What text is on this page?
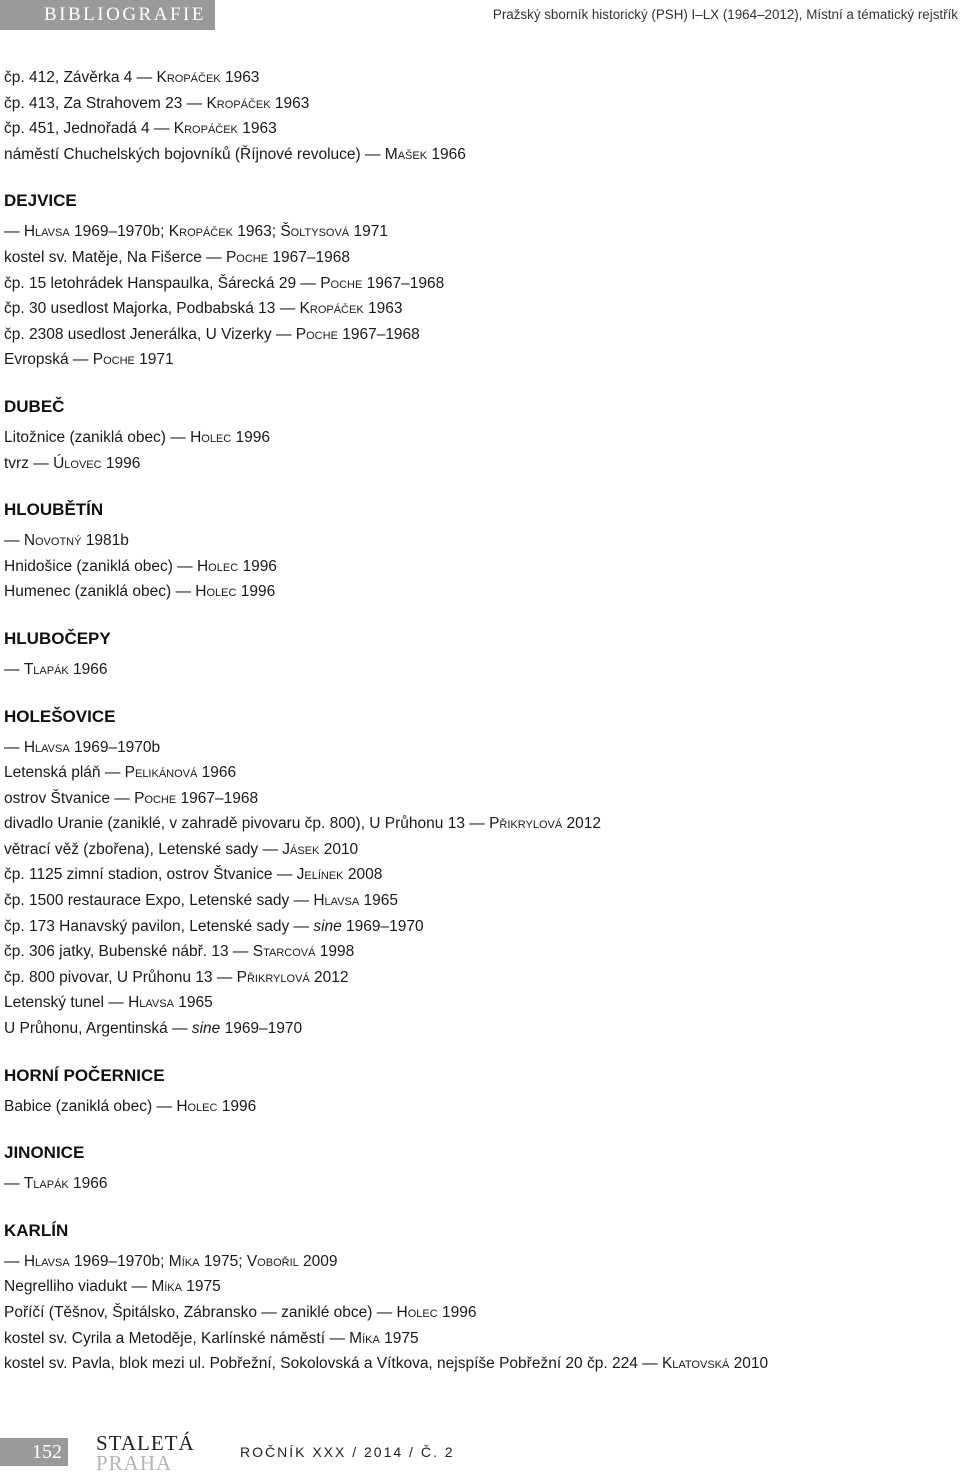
BIBLIOGRAFIE	Pražský sborník historický (PSH) I–LX (1964–2012), Místní a tématický rejstřík
čp. 412, Závěrka 4 — Kropáček 1963
čp. 413, Za Strahovem 23 — Kropáček 1963
čp. 451, Jednořadá 4 — Kropáček 1963
náměstí Chuchelských bojovníků (Říjnové revoluce) — Mašek 1966
DEJVICE
— Hlavsa 1969–1970b; Kropáček 1963; Šoltysová 1971
kostel sv. Matěje, Na Fišerce — Poche 1967–1968
čp. 15 letohrádek Hanspaulka, Šárecká 29 — Poche 1967–1968
čp. 30 usedlost Majorka, Podbabská 13 — Kropáček 1963
čp. 2308 usedlost Jenerálka, U Vizerky — Poche 1967–1968
Evropská — Poche 1971
DUBEČ
Litožnice (zaniklá obec) — Holec 1996
tvrz — Úlovec 1996
HLOUBĚTÍN
— Novotný 1981b
Hnidošice (zaniklá obec) — Holec 1996
Humenec (zaniklá obec) — Holec 1996
HLUBOČEPY
— Tlapák 1966
HOLEŠOVICE
— Hlavsa 1969–1970b
Letenská pláň — Pelikánová 1966
ostrov Štvanice — Poche 1967–1968
divadlo Uranie (zaniklé, v zahradě pivovaru čp. 800), U Průhonu 13 — Přikrylová 2012
větrací věž (zbořena), Letenské sady — Jásek 2010
čp. 1125 zimní stadion, ostrov Štvanice — Jelínek 2008
čp. 1500 restaurace Expo, Letenské sady — Hlavsa 1965
čp. 173 Hanavský pavilon, Letenské sady — sine 1969–1970
čp. 306 jatky, Bubenské nábř. 13 — Starcová 1998
čp. 800 pivovar, U Průhonu 13 — Přikrylová 2012
Letenský tunel — Hlavsa 1965
U Průhonu, Argentinská — sine 1969–1970
HORNÍ POČERNICE
Babice (zaniklá obec) — Holec 1996
JINONICE
— Tlapák 1966
KARLÍN
— Hlavsa 1969–1970b; Míka 1975; Vobořil 2009
Negrelliho viadukt — Míka 1975
Poříčí (Těšnov, Špitálsko, Zábransko — zaniklé obce) — Holec 1996
kostel sv. Cyrila a Metoděje, Karlínské náměstí — Míka 1975
kostel sv. Pavla, blok mezi ul. Pobřežní, Sokolovská a Vítkova, nejspíše Pobřežní 20 čp. 224 — Klatovská 2010
152 STALETÁ
PRAHA	ROČNÍK XXX / 2014 / Č. 2
